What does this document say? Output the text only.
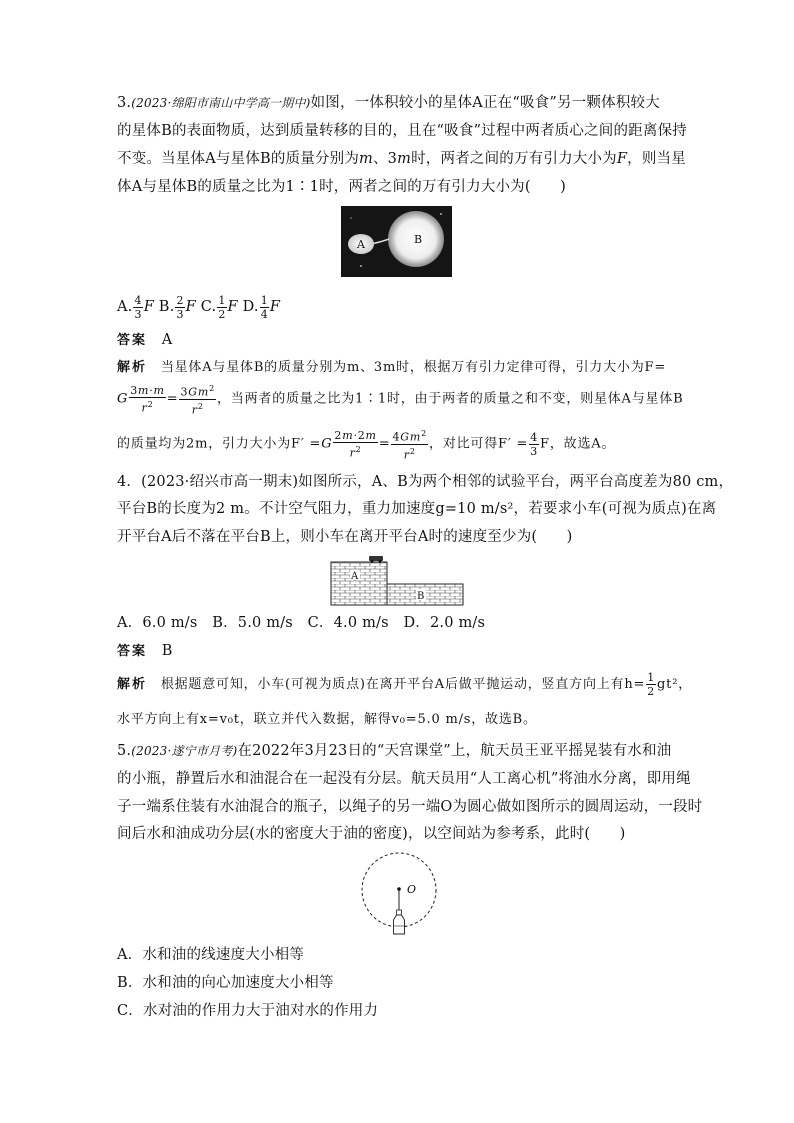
3.(2023·绵阳市南山中学高一期中)如图，一体积较小的星体A正在“吸食”另一颗体积较大
的星体B的表面物质，达到质量转移的目的，且在“吸食”过程中两者质心之间的距离保持
不变。当星体A与星体B的质量分别为m、3m时，两者之间的万有引力大小为F，则当星
体A与星体B的质量之比为1∶1时，两者之间的万有引力大小为(　　)
A	B
A. $\frac{4}{3}$ F B. $\frac{2}{3}$ F C. $\frac{1}{2}$ F D. $\frac{1}{4}$ F
答案　 A
解析　 当星体A与星体B的质量分别为m、3m时，根据万有引力定律可得，引力大小为F=
G $\frac{3m\cdot m}{r^2} = \frac{3Gm^2}{r^2}$ ，当两者的质量之比为1∶1时，由于两者的质量之和不变，则星体A与星体B
的质量均为2m，引力大小为$F' =G \frac{2m\cdot 2m}{r^2} = \frac{4Gm^2}{r^2}$ ，对比可得$F' = \frac{4}{3}$ F，故选A。
4．(2023·绍兴市高一期末)如图所示，A、B为两个相邻的试验平台，两平台高度差为80 cm，
平台B的长度为2 m。不计空气阻力，重力加速度g=10 m/s²，若要求小车(可视为质点)在离
开平台A后不落在平台B上，则小车在离开平台A时的速度至少为(　　)
A
B
A．6.0 m/s　B．5.0 m/s　C．4.0 m/s　D．2.0 m/s
答案　 B
解析　 根据题意可知，小车(可视为质点)在离开平台A后做平抛运动，竖直方向上有$h= \frac{1}{2} gt^2$，
水平方向上有x=v₀t，联立并代入数据，解得v₀=5.0 m/s，故选B。
5.(2023·遂宁市月考)在2022年3月23日的“天宫课堂”上，航天员王亚平摇晃装有水和油
的小瓶，静置后水和油混合在一起没有分层。航天员用“人工离心机”将油水分离，即用绳
子一端系住装有水油混合的瓶子，以绳子的另一端O为圆心做如图所示的圆周运动，一段时
间后水和油成功分层(水的密度大于油的密度)，以空间站为参考系，此时(　　)
O
A．水和油的线速度大小相等
B．水和油的向心加速度大小相等
C．水对油的作用力大于油对水的作用力
